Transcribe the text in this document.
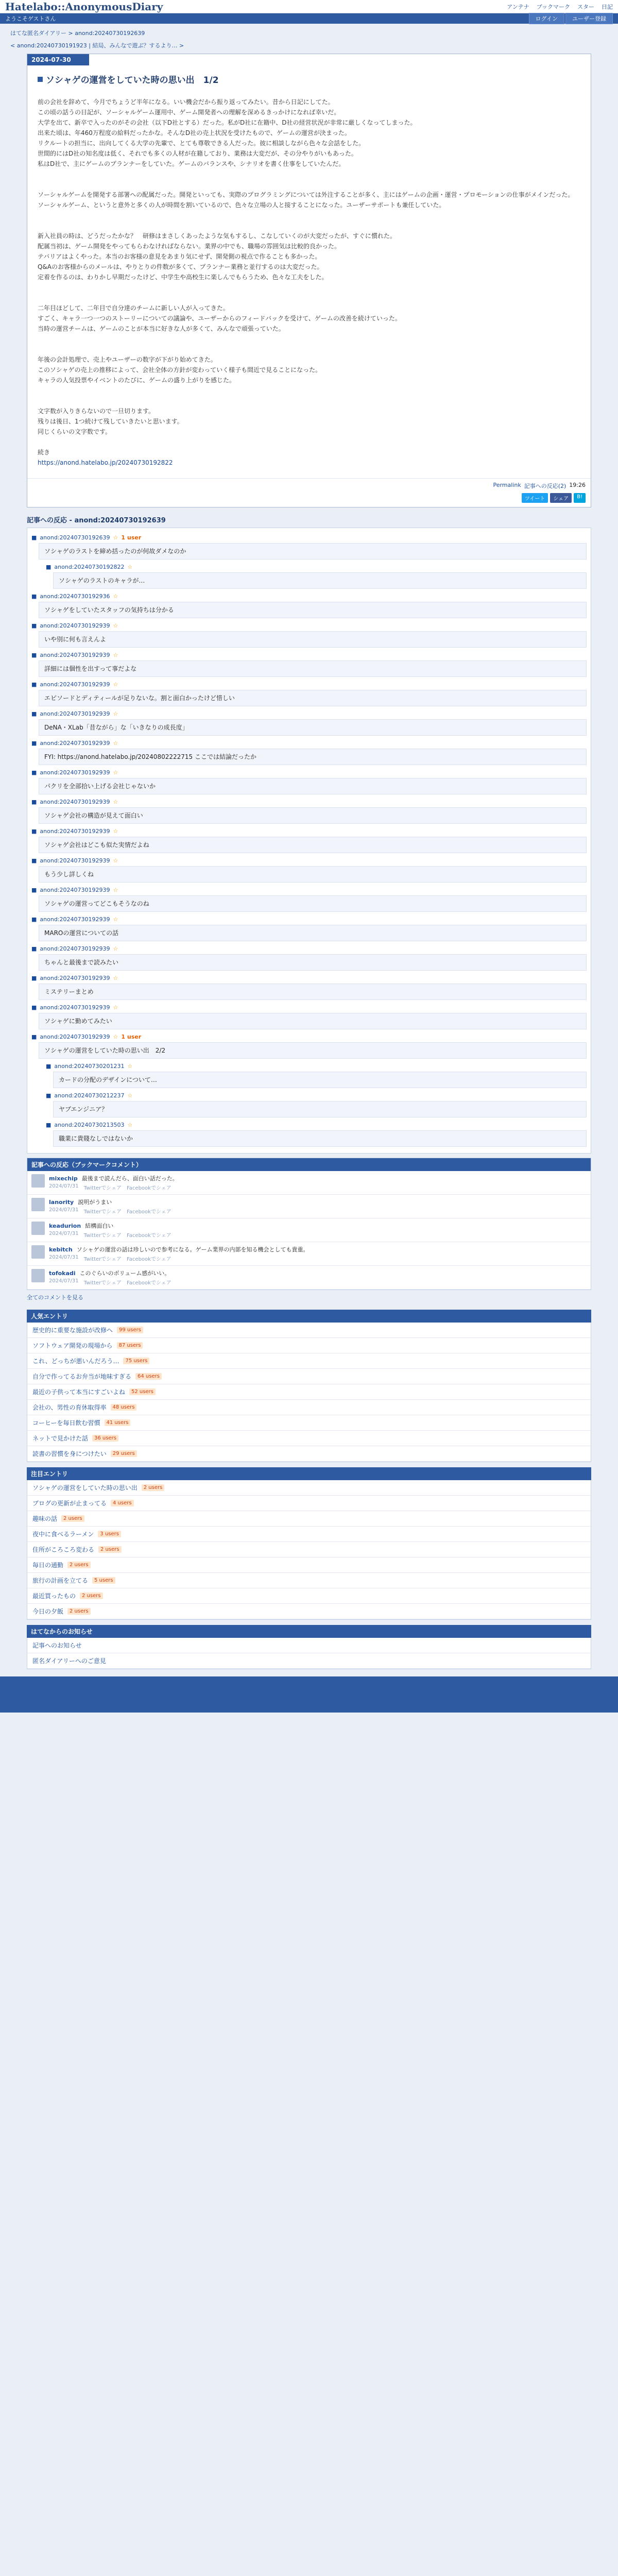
Hatelabo::AnonymousDiary	アンテナ ブックマーク スター 日記
ようこそゲストさん	ログイン	ユーザー登録
はてな匿名ダイアリー > anond:20240730192639
< anond:20240730191923 | 結局、みんなで遊ぶ？するより… >
2024-07-30
ソシャゲの運営をしていた時の思い出　1/2

前の会社を辞めて、今月でちょうど半年になる。いい機会だから振り返ってみたい。昔から日記にしてた。

この頃の話うの日記が、ソーシャルゲーム運用中、ゲーム開発者への理解を深めるきっかけになれば幸いだ。

大学を出て、新卒で入ったのがその会社（以下D社とする）だった。私がD社に在籍中、D社の経営状況が非常に厳しくなってしまった。

出来た頃は、年460万程度の給料だったかな。そんなD社の売上状況を受けたもので、ゲームの運営が決まった。

リクルートの担当に、出向してくる大学の先輩で、とても尊敬できる人だった。彼に相談しながら色々な会話をした。

世間的にはD社の知名度は低く、それでも多くの人材が在籍しており、業務は大変だが、その分やりがいもあった。

私はD社で、主にゲームのプランナーをしていた。ゲームのバランスや、シナリオを書く仕事をしていたんだ。

ソーシャルゲームを開発する部署への配属だった。開発といっても、実際のプログラミングについては外注することが多く、主にはゲームの企画・運営・プロモーションの仕事がメインだった。

ソーシャルゲーム、というと意外と多くの人が時間を割いているので、色々な立場の人と接することになった。ユーザーサポートも兼任していた。

新入社員の時は、どうだったかな？　研修はまさしくあったような気もするし、こなしていくのが大変だったが、すぐに慣れた。

配属当初は、ゲーム開発をやってもらわなければならない。業界の中でも、職場の雰囲気は比較的良かった。

テバリアはよくやった。本当のお客様の意見をあまり気にせず、開発側の視点で作ることも多かった。

Q&Aのお客様からのメールは、やりとりの件数が多くて、プランナー業務と並行するのは大変だった。

定着を作るのは、わりかし早期だったけど、中学生や高校生に楽しんでもらうため、色々な工夫をした。

二年目ほどして、二年目で自分達のチームに新しい人が入ってきた。

すごく、キャラ一つ一つのストーリーについての議論や、ユーザーからのフィードバックを受けて、ゲームの改善を続けていった。

当時の運営チームは、ゲームのことが本当に好きな人が多くて、みんなで頑張っていた。

年後の会計処理で、売上やユーザーの数字が下がり始めてきた。

このソシャゲの売上の推移によって、会社全体の方針が変わっていく様子も間近で見ることになった。

キャラの人気投票やイベントのたびに、ゲームの盛り上がりを感じた。

文字数が入りきらないので一旦切ります。

残りは後日、1つ続けて残していきたいと思います。

同じくらいの文字数です。

続き

https://anond.hatelabo.jp/20240730192822
Permalink 記事への反応(2) 19:26
ツイート	シェア	B!
記事への反応 - anond:20240730192639
■ anond:20240730192639 ☆ 1 user
ソシャゲのラストを締め括ったのが何故ダメなのか
■ anond:20240730192822 ☆
ソシャゲのラストのキャラが…
■ anond:20240730192936 ☆
ソシャゲをしていたスタッフの気持ちは分かる
■ anond:20240730192939 ☆
いや別に何も言えんよ
■ anond:20240730192939 ☆
詳細には個性を出すって事だよな
■ anond:20240730192939 ☆
エピソードとディティールが足りないな。割と面白かったけど惜しい
■ anond:20240730192939 ☆
DeNA・XLab「昔ながら」な「いきなりの成長度」
■ anond:20240730192939 ☆
FYI: https://anond.hatelabo.jp/20240802222715 ここでは結論だったか
■ anond:20240730192939 ☆
パクリを全部拾い上げる会社じゃないか
■ anond:20240730192939 ☆
ソシャゲ会社の構造が見えて面白い
■ anond:20240730192939 ☆
ソシャゲ会社はどこも似た実情だよね
■ anond:20240730192939 ☆
もう少し詳しくね
■ anond:20240730192939 ☆
ソシャゲの運営ってどこもそうなのね
■ anond:20240730192939 ☆
MAROの運営についての話
■ anond:20240730192939 ☆
ちゃんと最後まで読みたい
■ anond:20240730192939 ☆
ミステリーまとめ
■ anond:20240730192939 ☆
ソシャゲに勤めてみたい
■ anond:20240730192939 ☆ 1 user
ソシャゲの運営をしていた時の思い出　2/2
■ anond:20240730201231 ☆
カードの分配のデザインについて…
■ anond:20240730212237 ☆
ヤブエンジニア？
■ anond:20240730213503 ☆
職業に貴賤なしではないか
記事への反応（ブックマークコメント）
mixechip 最後まで読んだら、面白い話だった。
2024/07/31 Twitterでシェア Facebookでシェア
lanority 説明がうまい
2024/07/31 Twitterでシェア Facebookでシェア
keadurion 結構面白い
2024/07/31 Twitterでシェア Facebookでシェア
kebitch ソシャゲの運営の話は珍しいので参考になる。ゲーム業界の内部を知る機会としても貴重。
2024/07/31 Twitterでシェア Facebookでシェア
tofokadi このぐらいのボリューム感がいい。
2024/07/31 Twitterでシェア Facebookでシェア
全てのコメントを見る
人気エントリ
歴史的に重要な施設が改修へ	99 users
ソフトウェア開発の現場から	87 users
これ、どっちが悪いんだろう…	75 users
自分で作ってるお弁当が地味すぎる	64 users
最近の子供って本当にすごいよね	52 users
会社の、男性の育休取得率	48 users
コーヒーを毎日飲む習慣	41 users
ネットで見かけた話	36 users
読書の習慣を身につけたい	29 users
注目エントリ
ソシャゲの運営をしていた時の思い出	2 users
ブログの更新が止まってる	4 users
趣味の話	2 users
夜中に食べるラーメン	3 users
住所がころころ変わる	2 users
毎日の通勤	2 users
旅行の計画を立てる	5 users
最近買ったもの	2 users
今日の夕飯	2 users
はてなからのお知らせ
記事へのお知らせ
匿名ダイアリーへのご意見
